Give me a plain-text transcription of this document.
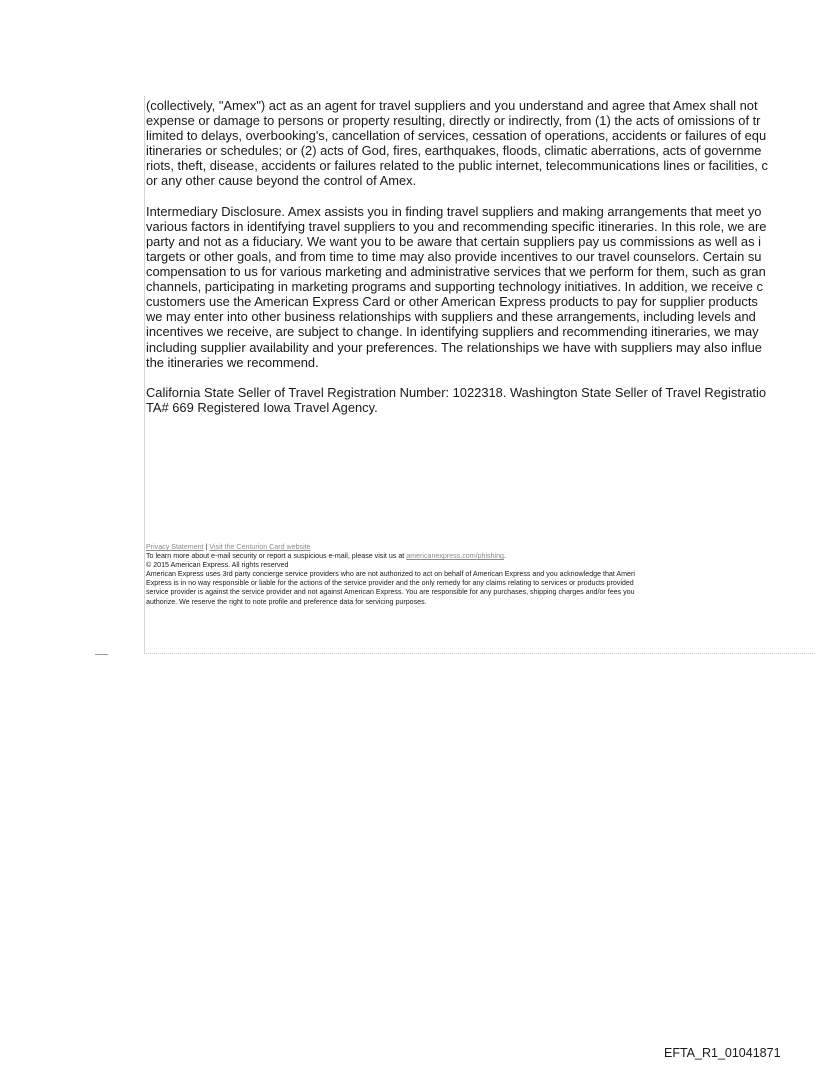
(collectively, "Amex") act as an agent for travel suppliers and you understand and agree that Amex shall not
expense or damage to persons or property resulting, directly or indirectly, from (1) the acts of omissions of tr
limited to delays, overbooking's, cancellation of services, cessation of operations, accidents or failures of equ
itineraries or schedules; or (2) acts of God, fires, earthquakes, floods, climatic aberrations, acts of governme
riots, theft, disease, accidents or failures related to the public internet, telecommunications lines or facilities, c
or any other cause beyond the control of Amex.
Intermediary Disclosure. Amex assists you in finding travel suppliers and making arrangements that meet yo
various factors in identifying travel suppliers to you and recommending specific itineraries. In this role, we are
party and not as a fiduciary. We want you to be aware that certain suppliers pay us commissions as well as i
targets or other goals, and from time to time may also provide incentives to our travel counselors. Certain su
compensation to us for various marketing and administrative services that we perform for them, such as gran
channels, participating in marketing programs and supporting technology initiatives. In addition, we receive c
customers use the American Express Card or other American Express products to pay for supplier products
we may enter into other business relationships with suppliers and these arrangements, including levels and
incentives we receive, are subject to change. In identifying suppliers and recommending itineraries, we may
including supplier availability and your preferences. The relationships we have with suppliers may also influe
the itineraries we recommend.
California State Seller of Travel Registration Number: 1022318. Washington State Seller of Travel Registratio
TA# 669 Registered Iowa Travel Agency.
Privacy Statement | Visit the Centurion Card website
To learn more about e-mail security or report a suspicious e-mail, please visit us at americanexpress.com/phishing.
© 2015 American Express. All rights reserved
American Express uses 3rd party concierge service providers who are not authorized to act on behalf of American Express and you acknowledge that Ameri
Express is in no way responsible or liable for the actions of the service provider and the only remedy for any claims relating to services or products provided
service provider is against the service provider and not against American Express. You are responsible for any purchases, shipping charges and/or fees you
authorize. We reserve the right to note profile and preference data for servicing purposes.
EFTA_R1_01041871
